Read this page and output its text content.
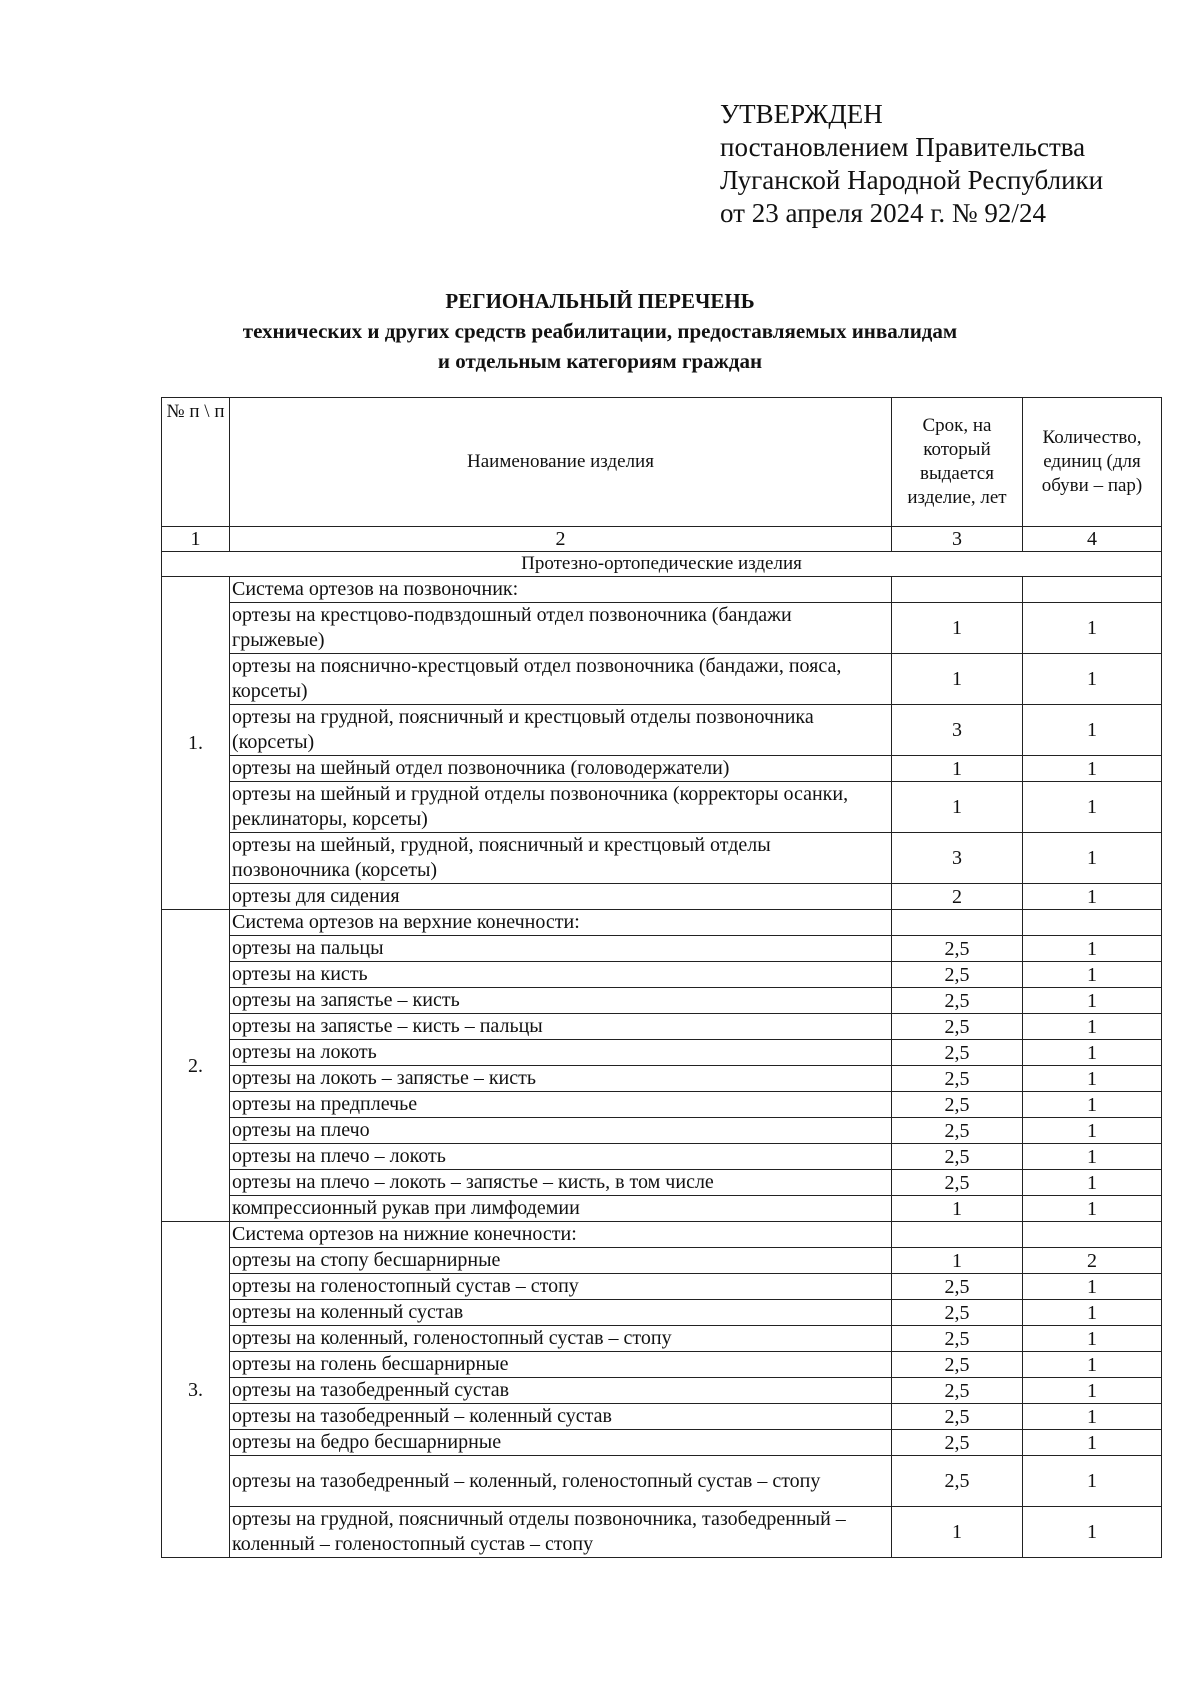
УТВЕРЖДЕН
постановлением Правительства
Луганской Народной Республики
от 23 апреля 2024 г. № 92/24
РЕГИОНАЛЬНЫЙ ПЕРЕЧЕНЬ
технических и других средств реабилитации, предоставляемых инвалидам
и отдельным категориям граждан
№ п \ п	Наименование изделия	Срок, на который выдается изделие, лет	Количество, единиц (для обуви – пар)
1	2	3	4
Протезно-ортопедические изделия			
1.	Система ортезов на позвоночник:		
	ортезы на крестцово-подвздошный отдел позвоночника (бандажи грыжевые)	1	1
	ортезы на пояснично-крестцовый отдел позвоночника (бандажи, пояса, корсеты)	1	1
	ортезы на грудной, поясничный и крестцовый отделы позвоночника (корсеты)	3	1
	ортезы на шейный отдел позвоночника (головодержатели)	1	1
	ортезы на шейный и грудной отделы позвоночника (корректоры осанки, реклинаторы, корсеты)	1	1
	ортезы на шейный, грудной, поясничный и крестцовый отделы позвоночника (корсеты)	3	1
	ортезы для сидения	2	1
2.	Система ортезов на верхние конечности:		
	ортезы на пальцы	2,5	1
	ортезы на кисть	2,5	1
	ортезы на запястье – кисть	2,5	1
	ортезы на запястье – кисть – пальцы	2,5	1
	ортезы на локоть	2,5	1
	ортезы на локоть – запястье – кисть	2,5	1
	ортезы на предплечье	2,5	1
	ортезы на плечо	2,5	1
	ортезы на плечо – локоть	2,5	1
	ортезы на плечо – локоть – запястье – кисть, в том числе	2,5	1
	компрессионный рукав при лимфодемии	1	1
3.	Система ортезов на нижние конечности:		
	ортезы на стопу бесшарнирные	1	2
	ортезы на голеностопный сустав – стопу	2,5	1
	ортезы на коленный сустав	2,5	1
	ортезы на коленный, голеностопный сустав – стопу	2,5	1
	ортезы на голень бесшарнирные	2,5	1
	ортезы на тазобедренный сустав	2,5	1
	ортезы на тазобедренный – коленный сустав	2,5	1
	ортезы на бедро бесшарнирные	2,5	1
	ортезы на тазобедренный – коленный, голеностопный сустав – стопу	2,5	1
	ортезы на грудной, поясничный отделы позвоночника, тазобедренный – коленный – голеностопный сустав – стопу	1	1
